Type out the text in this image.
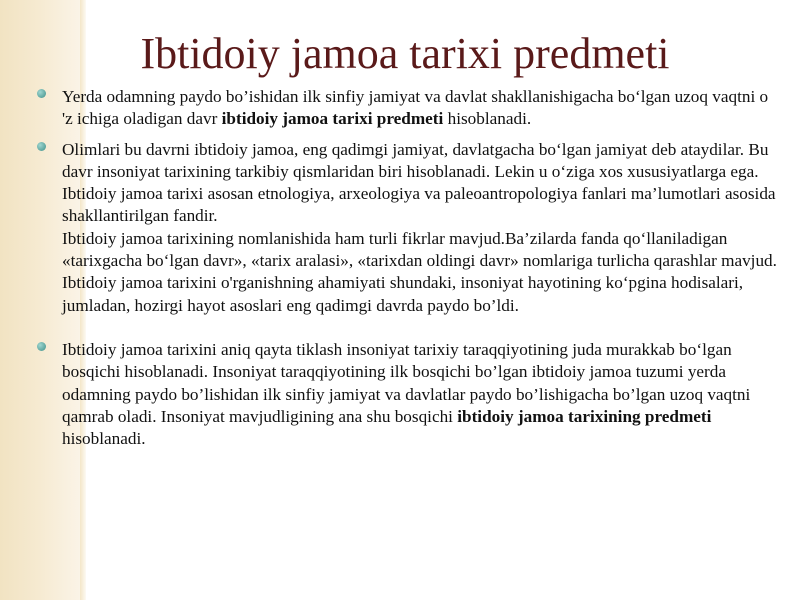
Ibtidoiy jamoa tarixi predmeti

Yerda odamning paydo bo’ishidan ilk sinfiy jamiyat va davlat shakllanishigacha bo‘lgan uzoq vaqtni o 'z ichiga oladigan davr ibtidoiy jamoa tarixi predmeti hisoblanadi.

Olimlari bu davrni ibtidoiy jamoa, eng qadimgi jamiyat, davlatgacha bo‘lgan jamiyat deb ataydilar. Bu davr insoniyat tarixining tarkibiy qismlaridan biri hisoblanadi. Lekin u o‘ziga xos xususiyatlarga ega. Ibtidoiy jamoa tarixi asosan etnologiya, arxeologiya va paleoantropologiya fanlari ma’lumotlari asosida shakllantirilgan fandir.
Ibtidoiy jamoa tarixining nomlanishida ham turli fikrlar mavjud.Ba’zilarda fanda qo‘llaniladigan «tarixgacha bo‘lgan davr», «tarix aralasi», «tarixdan oldingi davr» nomlariga turlicha qarashlar mavjud. Ibtidoiy jamoa tarixini o'rganishning ahamiyati shundaki, insoniyat hayotining ko‘pgina hodisalari, jumladan, hozirgi hayot asoslari eng qadimgi davrda paydo bo’ldi.

Ibtidoiy jamoa tarixini aniq qayta tiklash insoniyat tarixiy taraqqiyotining juda murakkab bo‘lgan bosqichi hisoblanadi. Insoniyat taraqqiyotining ilk bosqichi bo’lgan ibtidoiy jamoa tuzumi yerda odamning paydo bo’lishidan ilk sinfiy jamiyat va davlatlar paydo bo’lishigacha bo’lgan uzoq vaqtni qamrab oladi. Insoniyat mavjudligining ana shu bosqichi ibtidoiy jamoa tarixining predmeti hisoblanadi.
